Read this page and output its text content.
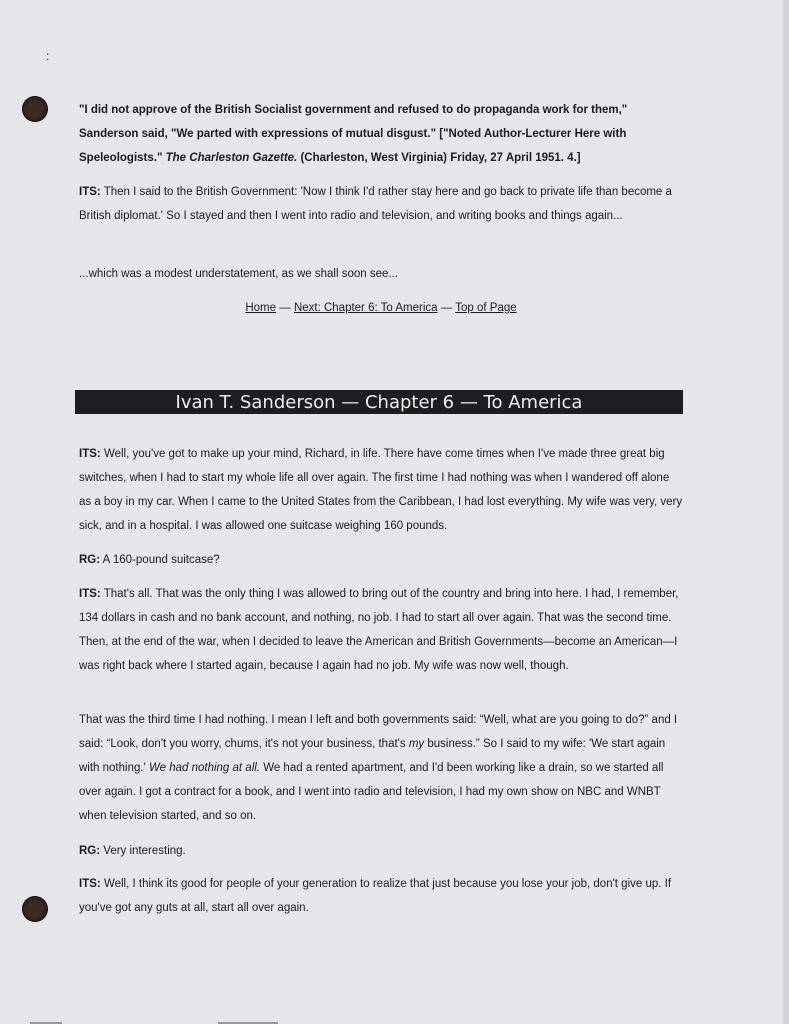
:

"I did not approve of the British Socialist government and refused to do propaganda work for them," Sanderson said, "We parted with expressions of mutual disgust." ["Noted Author-Lecturer Here with Speleologists." The Charleston Gazette. (Charleston, West Virginia) Friday, 27 April 1951. 4.]

ITS: Then I said to the British Government: 'Now I think I'd rather stay here and go back to private life than become a British diplomat.' So I stayed and then I went into radio and television, and writing books and things again...

...which was a modest understatement, as we shall soon see...

Home — Next: Chapter 6: To America — Top of Page
Ivan T. Sanderson — Chapter 6 — To America

ITS: Well, you've got to make up your mind, Richard, in life. There have come times when I've made three great big switches, when I had to start my whole life all over again. The first time I had nothing was when I wandered off alone as a boy in my car. When I came to the United States from the Caribbean, I had lost everything. My wife was very, very sick, and in a hospital. I was allowed one suitcase weighing 160 pounds.

RG: A 160-pound suitcase?

ITS: That's all. That was the only thing I was allowed to bring out of the country and bring into here. I had, I remember, 134 dollars in cash and no bank account, and nothing, no job. I had to start all over again. That was the second time. Then, at the end of the war, when I decided to leave the American and British Governments—become an American—I was right back where I started again, because I again had no job. My wife was now well, though.

That was the third time I had nothing. I mean I left and both governments said: “Well, what are you going to do?” and I said: “Look, don't you worry, chums, it's not your business, that's my business.” So I said to my wife: 'We start again with nothing.' We had nothing at all. We had a rented apartment, and I'd been working like a drain, so we started all over again. I got a contract for a book, and I went into radio and television, I had my own show on NBC and WNBT when television started, and so on.

RG: Very interesting.

ITS: Well, I think its good for people of your generation to realize that just because you lose your job, don't give up. If you've got any guts at all, start all over again.
